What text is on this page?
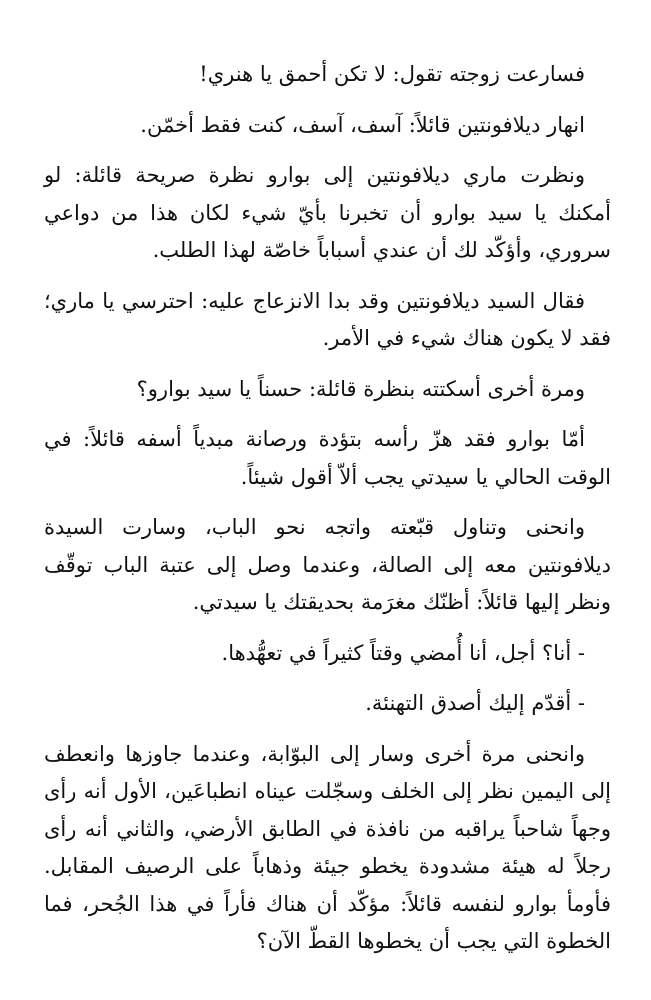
فسارعت زوجته تقول: لا تكن أحمق يا هنري!

انهار ديلافونتين قائلاً: آسف، آسف، كنت فقط أخمّن.

ونظرت ماري ديلافونتين إلى بوارو نظرة صريحة قائلة: لو أمكنك يا سيد بوارو أن تخبرنا بأيّ شيء لكان هذا من دواعي سروري، وأؤكّد لك أن عندي أسباباً خاصّة لهذا الطلب.

فقال السيد ديلافونتين وقد بدا الانزعاج عليه: احترسي يا ماري؛ فقد لا يكون هناك شيء في الأمر.

ومرة أخرى أسكتته بنظرة قائلة: حسناً يا سيد بوارو؟

أمّا بوارو فقد هزّ رأسه بتؤدة ورصانة مبدياً أسفه قائلاً: في الوقت الحالي يا سيدتي يجب ألاّ أقول شيئاً.

وانحنى وتناول قبّعته واتجه نحو الباب، وسارت السيدة ديلافونتين معه إلى الصالة، وعندما وصل إلى عتبة الباب توقّف ونظر إليها قائلاً: أظنّك مغرَمة بحديقتك يا سيدتي.

- أنا؟ أجل، أنا أُمضي وقتاً كثيراً في تعهُّدها.

- أقدّم إليك أصدق التهنئة.

وانحنى مرة أخرى وسار إلى البوّابة، وعندما جاوزها وانعطف إلى اليمين نظر إلى الخلف وسجّلت عيناه انطباعَين، الأول أنه رأى وجهاً شاحباً يراقبه من نافذة في الطابق الأرضي، والثاني أنه رأى رجلاً له هيئة مشدودة يخطو جيئة وذهاباً على الرصيف المقابل. فأومأ بوارو لنفسه قائلاً: مؤكّد أن هناك فأراً في هذا الجُحر، فما الخطوة التي يجب أن يخطوها القطّ الآن؟
